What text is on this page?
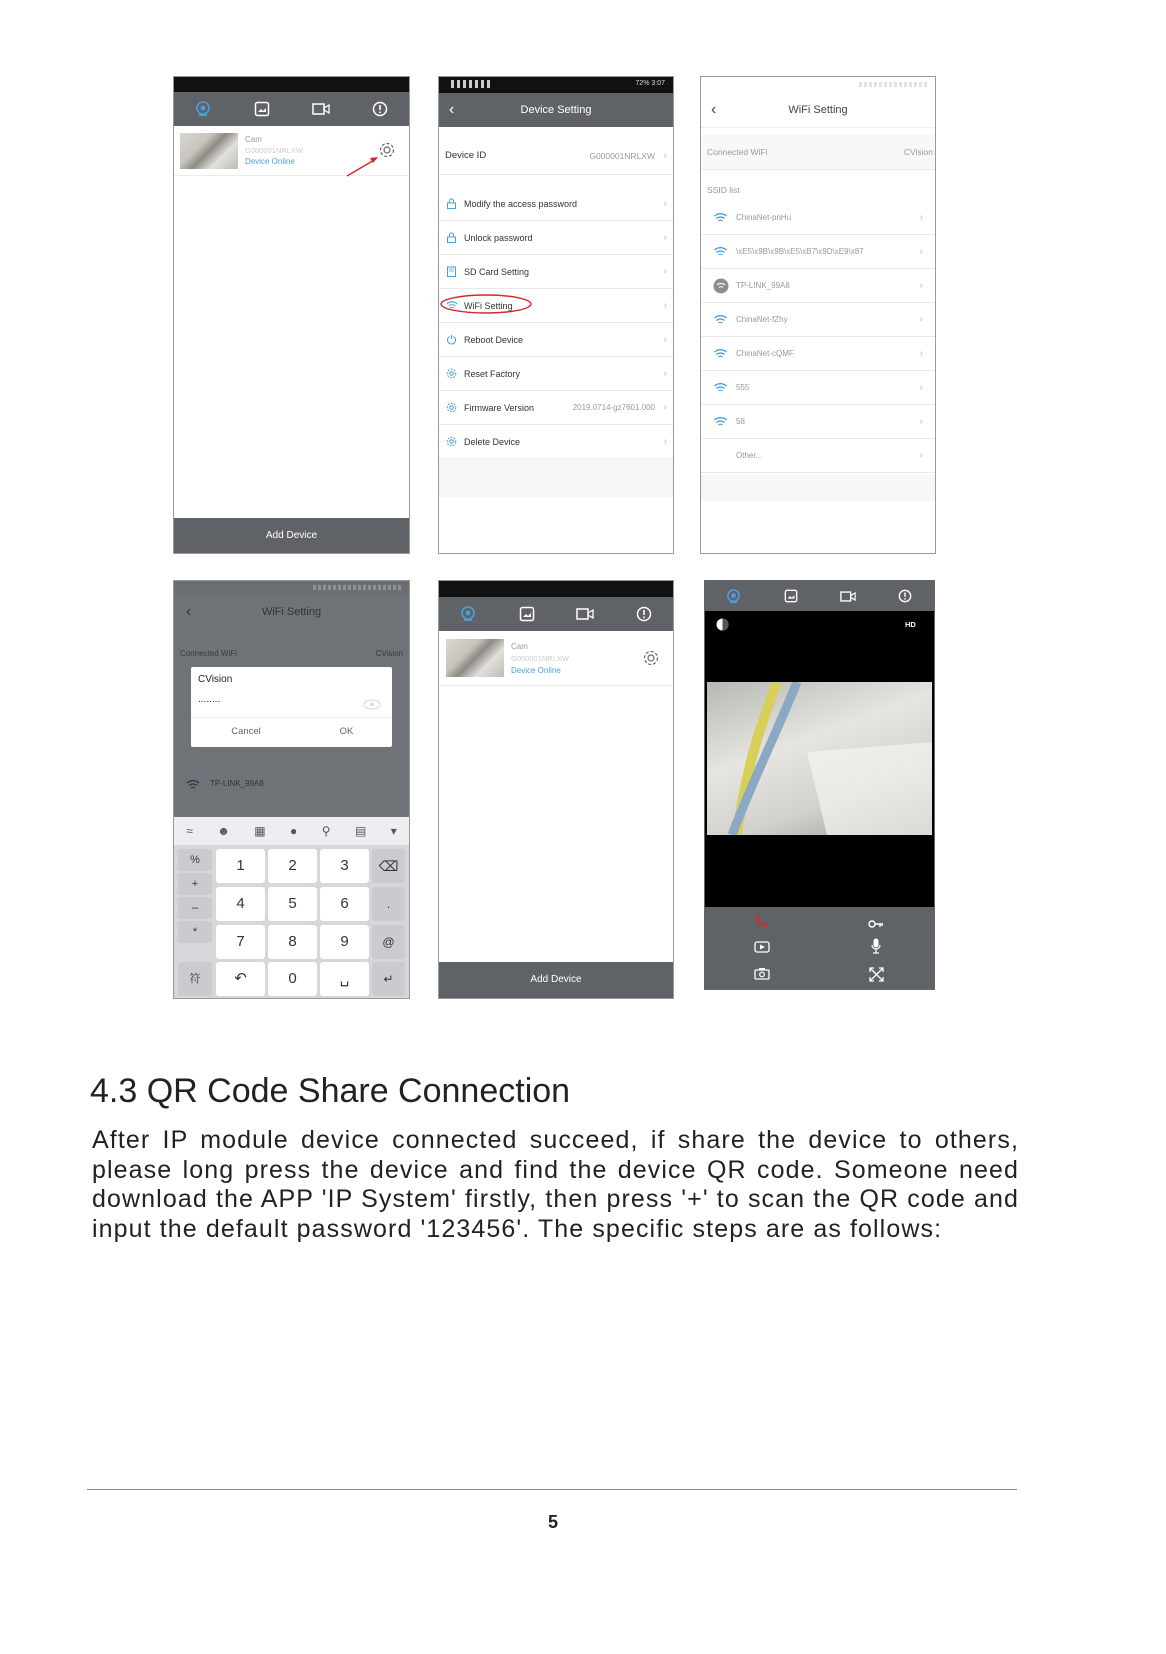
Cam
G000001NRLXW
Device Online
Add Device
72% 3:07
‹	Device Setting
Device ID	G000001NRLXW ›
Modify the access password	›
Unlock password	›
SD Card Setting	›
WiFi Setting	›
Reboot Device	›
Reset Factory	›
Firmware Version	2019.0714-gz7601.000 ›
Delete Device	›
‹	WiFi Setting
Connected WiFi	CVision
SSID list
ChinaNet-pnHu	›
\xE5\x9B\x9B\xE5\xB7\x9D\xE9\x87	›
TP-LINK_99A8	›
ChinaNet-fZhy	›
ChinaNet-cQMF	›
555	›
58	›
Other...	›
‹	WiFi Setting
Connected WiFi	CVision
TP-LINK_99A8
CVision
........
Cancel	OK
≈ ☻ ▦ ● ⚲ ▤ ▾
%
+
–
*
符
1	2	3
4	5	6
7	8	9
↶	0	␣
⌫
.
@
↵
Cam
G000001NRLXW
Device Online
Add Device
HD
4.3 QR Code Share Connection
After IP module device connected succeed, if share the device to others, please long press the device and find the device QR code. Someone need download the APP 'IP System' firstly, then press '+' to scan the QR code and input the default password '123456'. The specific steps are as follows:
5
